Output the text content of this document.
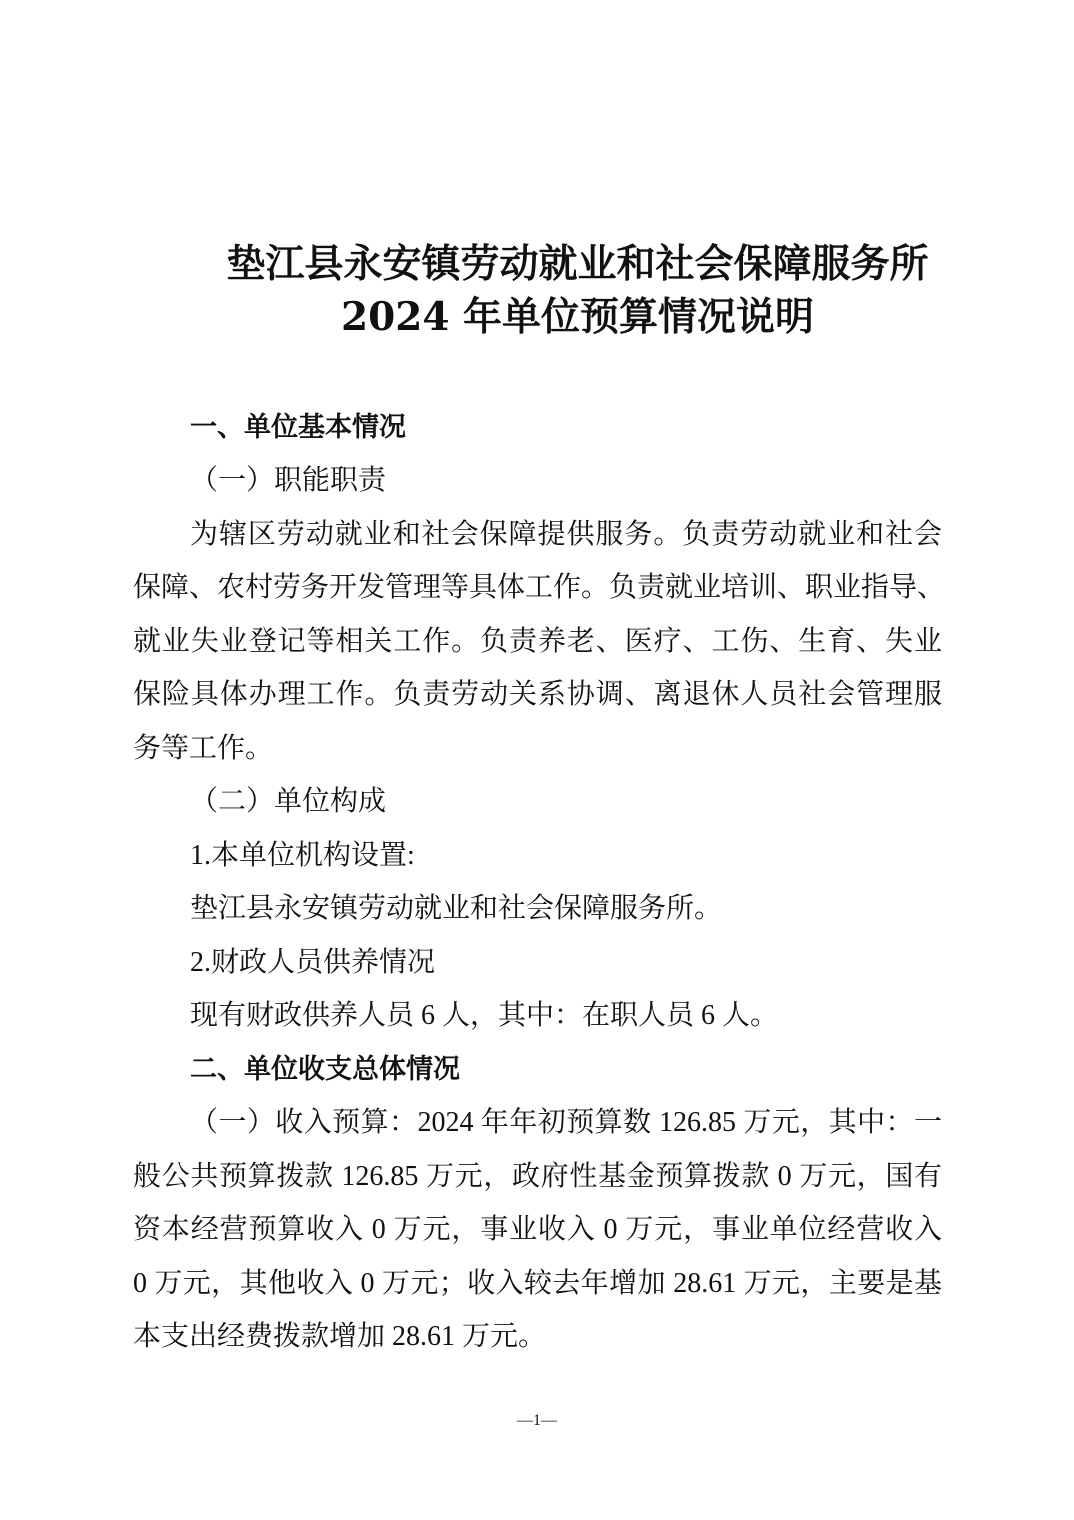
垫江县永安镇劳动就业和社会保障服务所
2024 年单位预算情况说明
一、单位基本情况
（一）职能职责
为辖区劳动就业和社会保障提供服务。负责劳动就业和社会
保障、农村劳务开发管理等具体工作。负责就业培训、职业指导、
就业失业登记等相关工作。负责养老、医疗、工伤、生育、失业
保险具体办理工作。负责劳动关系协调、离退休人员社会管理服
务等工作。
（二）单位构成
1.本单位机构设置:
垫江县永安镇劳动就业和社会保障服务所。
2.财政人员供养情况
现有财政供养人员 6 人，其中：在职人员 6 人。
二、单位收支总体情况
（一）收入预算：2024 年年初预算数 126.85 万元，其中：一
般公共预算拨款 126.85 万元，政府性基金预算拨款 0 万元，国有
资本经营预算收入 0 万元，事业收入 0 万元，事业单位经营收入
0 万元，其他收入 0 万元；收入较去年增加 28.61 万元，主要是基
本支出经费拨款增加 28.61 万元。
—1—
